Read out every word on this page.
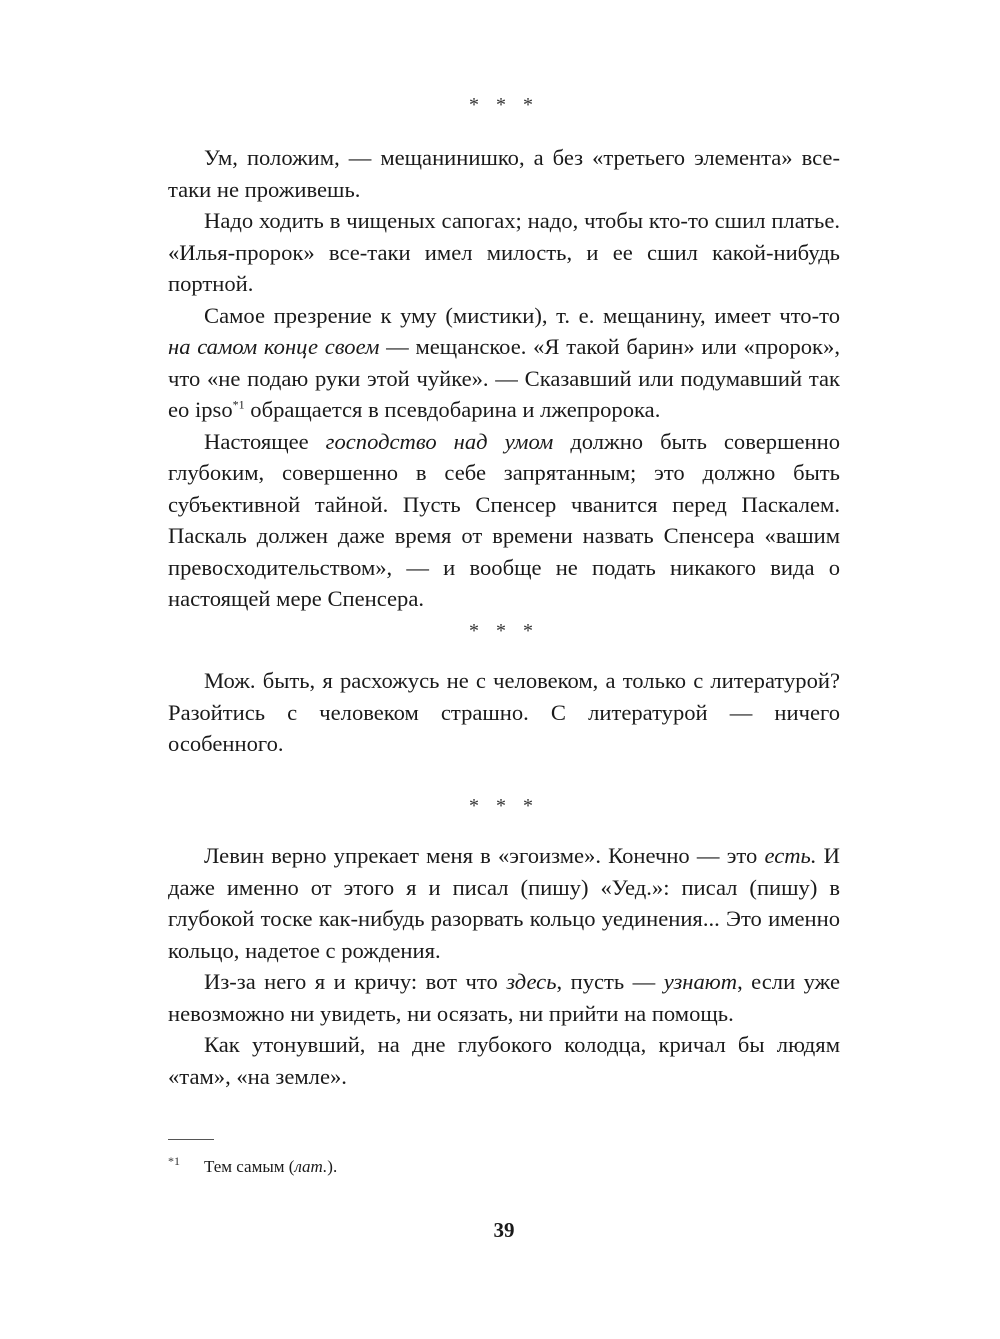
* * *

Ум, положим, — мещанинишко, а без «третьего элемента» все-таки не проживешь.

Надо ходить в чищеных сапогах; надо, чтобы кто-то сшил платье. «Илья-пророк» все-таки имел милость, и ее сшил какой-нибудь портной.

Самое презрение к уму (мистики), т. е. мещанину, имеет что-то на самом конце своем — мещанское. «Я такой барин» или «пророк», что «не подаю руки этой чуйке». — Сказавший или подумавший так eo ipso$^{*1}$ обращается в псевдобарина и лжепророка.

Настоящее господство над умом должно быть совершенно глубоким, совершенно в себе запрятанным; это должно быть субъективной тайной. Пусть Спенсер чванится перед Паскалем. Паскаль должен даже время от времени назвать Спенсера «вашим превосходительством», — и вообще не подать никакого вида о настоящей мере Спенсера.

* * *

Мож. быть, я расхожусь не с человеком, а только с литературой? Разойтись с человеком страшно. С литературой — ничего особенного.

* * *

Левин верно упрекает меня в «эгоизме». Конечно — это есть. И даже именно от этого я и писал (пишу) «Уед.»: писал (пишу) в глубокой тоске как-нибудь разорвать кольцо уединения... Это именно кольцо, надетое с рождения.

Из-за него я и кричу: вот что здесь, пусть — узнают, если уже невозможно ни увидеть, ни осязать, ни прийти на помощь.

Как утонувший, на дне глубокого колодца, кричал бы людям «там», «на земле».

*1 Тем самым (лат.).
39
